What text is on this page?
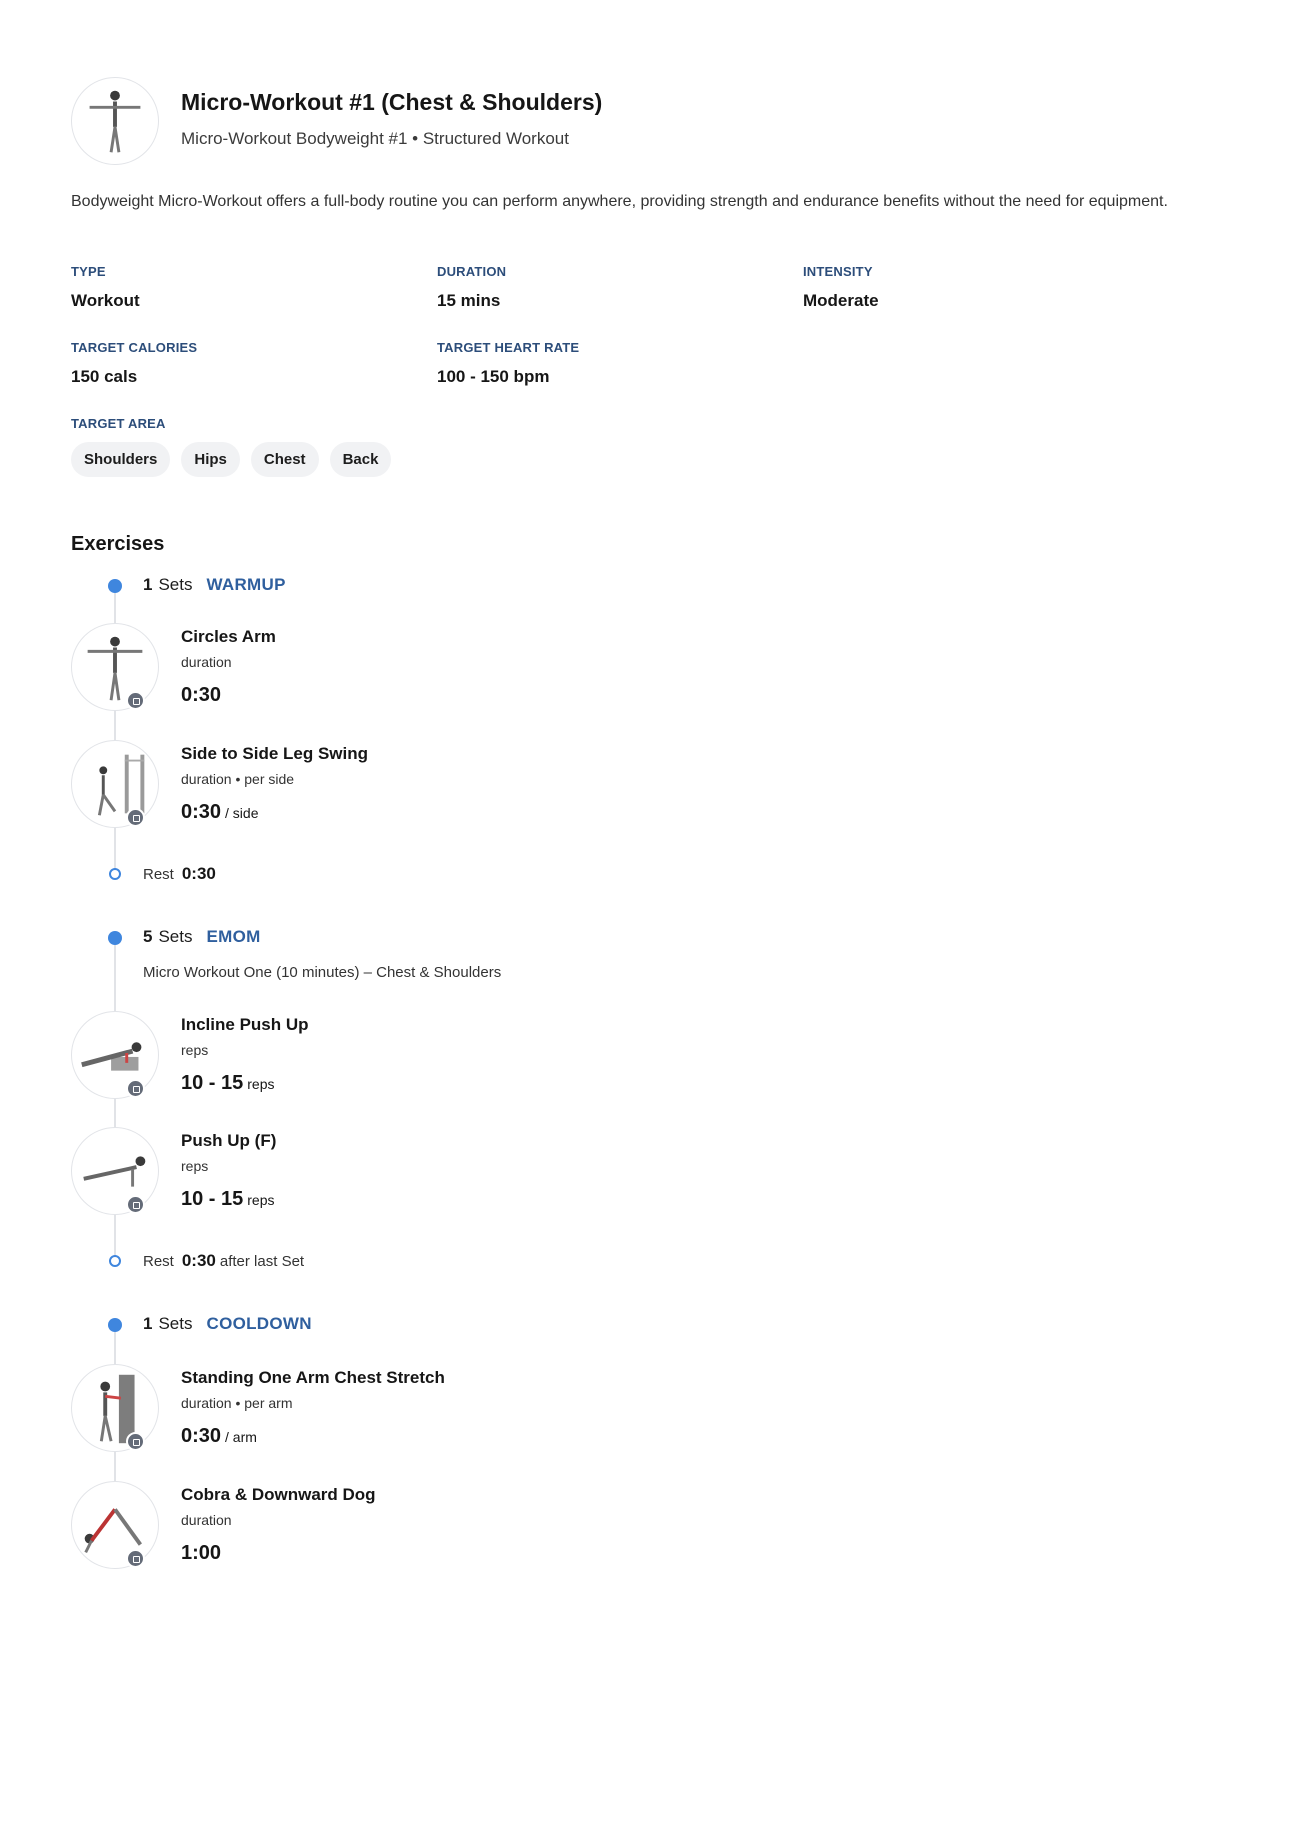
Micro-Workout #1 (Chest & Shoulders)
Micro-Workout Bodyweight #1 • Structured Workout
Bodyweight Micro-Workout offers a full-body routine you can perform anywhere, providing strength and endurance benefits without the need for equipment.
TYPE
Workout
DURATION
15 mins
INTENSITY
Moderate
TARGET CALORIES
150 cals
TARGET HEART RATE
100 - 150 bpm
TARGET AREA
Shoulders	Hips	Chest	Back
Exercises
1 Sets WARMUP
Circles Arm
duration
0:30
Side to Side Leg Swing
duration • per side
0:30 / side
Rest 0:30
5 Sets EMOM
Micro Workout One (10 minutes) – Chest & Shoulders
Incline Push Up
reps
10 - 15 reps
Push Up (F)
reps
10 - 15 reps
Rest 0:30 after last Set
1 Sets COOLDOWN
Standing One Arm Chest Stretch
duration • per arm
0:30 / arm
Cobra & Downward Dog
duration
1:00
